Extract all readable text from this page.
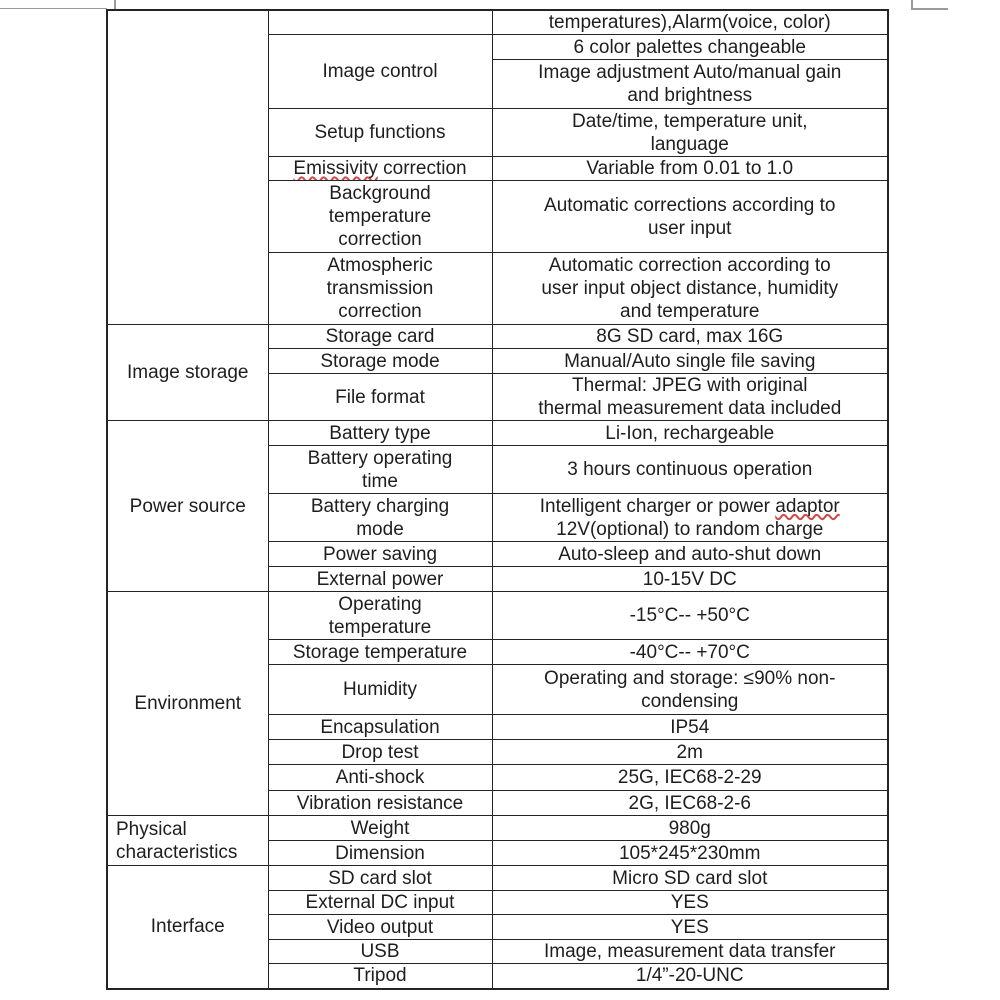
		temperatures),Alarm(voice, color)
	Image control	6 color palettes changeable
		Image adjustment Auto/manual gain
and brightness
	Setup functions	Date/time, temperature unit,
language
	Emissivity correction	Variable from 0.01 to 1.0
	Background
temperature
correction	Automatic corrections according to
user input
	Atmospheric
transmission
correction	Automatic correction according to
user input object distance, humidity
and temperature
Image storage	Storage card	8G SD card, max 16G
	Storage mode	Manual/Auto single file saving
	File format	Thermal: JPEG with original
thermal measurement data included
Power source	Battery type	Li-Ion, rechargeable
	Battery operating
time	3 hours continuous operation
	Battery charging
mode	Intelligent charger or power adaptor
12V(optional) to random charge
	Power saving	Auto-sleep and auto-shut down
	External power	10-15V DC
Environment	Operating
temperature	-15°C-- +50°C
	Storage temperature	-40°C-- +70°C
	Humidity	Operating and storage: ≤90% non-
condensing
	Encapsulation	IP54
	Drop test	2m
	Anti-shock	25G, IEC68-2-29
	Vibration resistance	2G, IEC68-2-6
Physical
characteristics	Weight	980g
	Dimension	105*245*230mm
Interface	SD card slot	Micro SD card slot
	External DC input	YES
	Video output	YES
	USB	Image, measurement data transfer
	Tripod	1/4”-20-UNC
